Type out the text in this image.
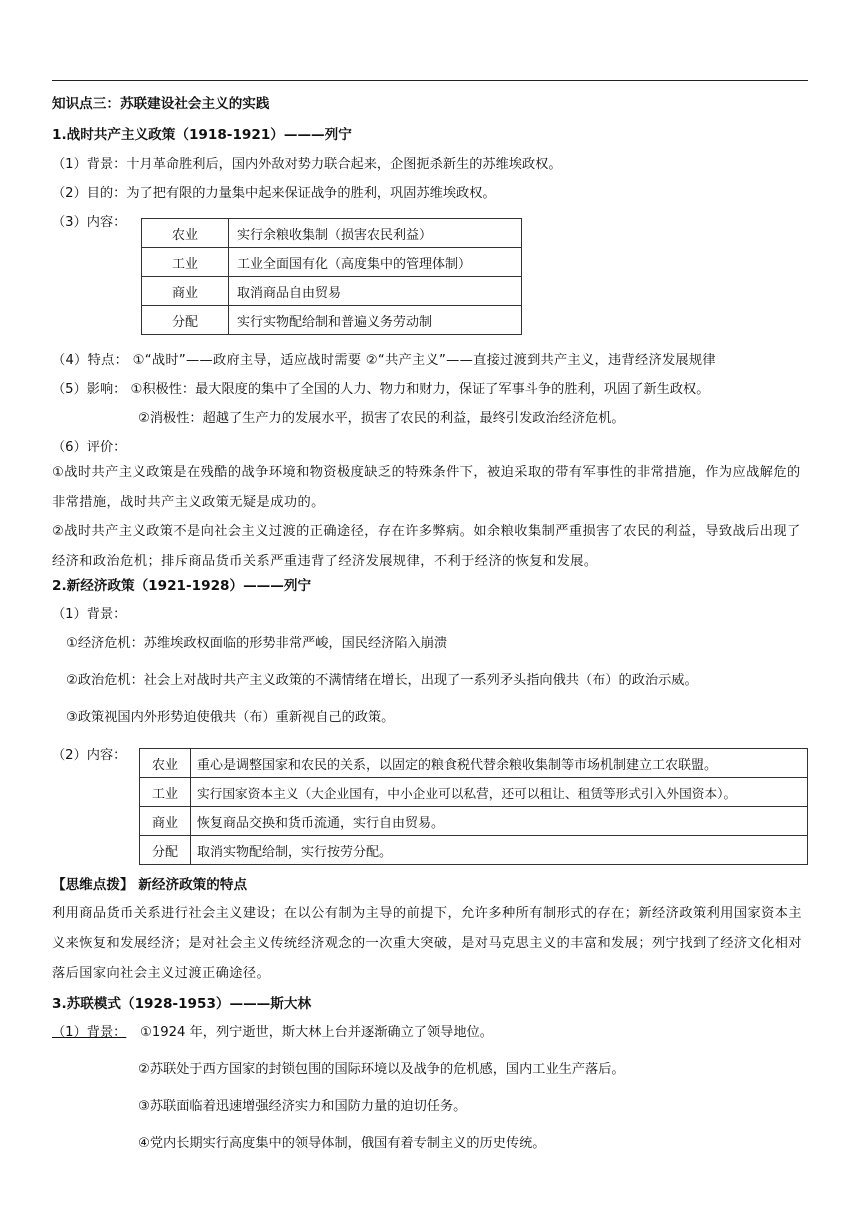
知识点三：苏联建设社会主义的实践
1.战时共产主义政策（1918-1921）———列宁
（1）背景：十月革命胜利后，国内外敌对势力联合起来，企图扼杀新生的苏维埃政权。
（2）目的：为了把有限的力量集中起来保证战争的胜利，巩固苏维埃政权。
（3）内容：
农业	实行余粮收集制（损害农民利益）
工业	工业全面国有化（高度集中的管理体制）
商业	取消商品自由贸易
分配	实行实物配给制和普遍义务劳动制
（4）特点： ①“战时”——政府主导，适应战时需要 ②“共产主义”——直接过渡到共产主义，违背经济发展规律
（5）影响： ①积极性：最大限度的集中了全国的人力、物力和财力，保证了军事斗争的胜利，巩固了新生政权。
②消极性：超越了生产力的发展水平，损害了农民的利益，最终引发政治经济危机。
（6）评价：
①战时共产主义政策是在残酷的战争环境和物资极度缺乏的特殊条件下，被迫采取的带有军事性的非常措施，作为应战解危的非常措施，战时共产主义政策无疑是成功的。
②战时共产主义政策不是向社会主义过渡的正确途径，存在许多弊病。如余粮收集制严重损害了农民的利益，导致战后出现了经济和政治危机；排斥商品货币关系严重违背了经济发展规律，不利于经济的恢复和发展。
2.新经济政策（1921-1928）———列宁
（1）背景：
①经济危机：苏维埃政权面临的形势非常严峻，国民经济陷入崩溃
②政治危机：社会上对战时共产主义政策的不满情绪在增长，出现了一系列矛头指向俄共（布）的政治示威。
③政策视国内外形势迫使俄共（布）重新视自己的政策。
（2）内容：
农业	重心是调整国家和农民的关系，以固定的粮食税代替余粮收集制等市场机制建立工农联盟。
工业	实行国家资本主义（大企业国有，中小企业可以私营，还可以租让、租赁等形式引入外国资本）。
商业	恢复商品交换和货币流通，实行自由贸易。
分配	取消实物配给制，实行按劳分配。
【思维点拨】 新经济政策的特点
利用商品货币关系进行社会主义建设；在以公有制为主导的前提下，允许多种所有制形式的存在；新经济政策利用国家资本主义来恢复和发展经济；是对社会主义传统经济观念的一次重大突破，是对马克思主义的丰富和发展；列宁找到了经济文化相对落后国家向社会主义过渡正确途径。
3.苏联模式（1928-1953）———斯大林
（1）背景： ①1924 年，列宁逝世，斯大林上台并逐渐确立了领导地位。
②苏联处于西方国家的封锁包围的国际环境以及战争的危机感，国内工业生产落后。
③苏联面临着迅速增强经济实力和国防力量的迫切任务。
④党内长期实行高度集中的领导体制，俄国有着专制主义的历史传统。
